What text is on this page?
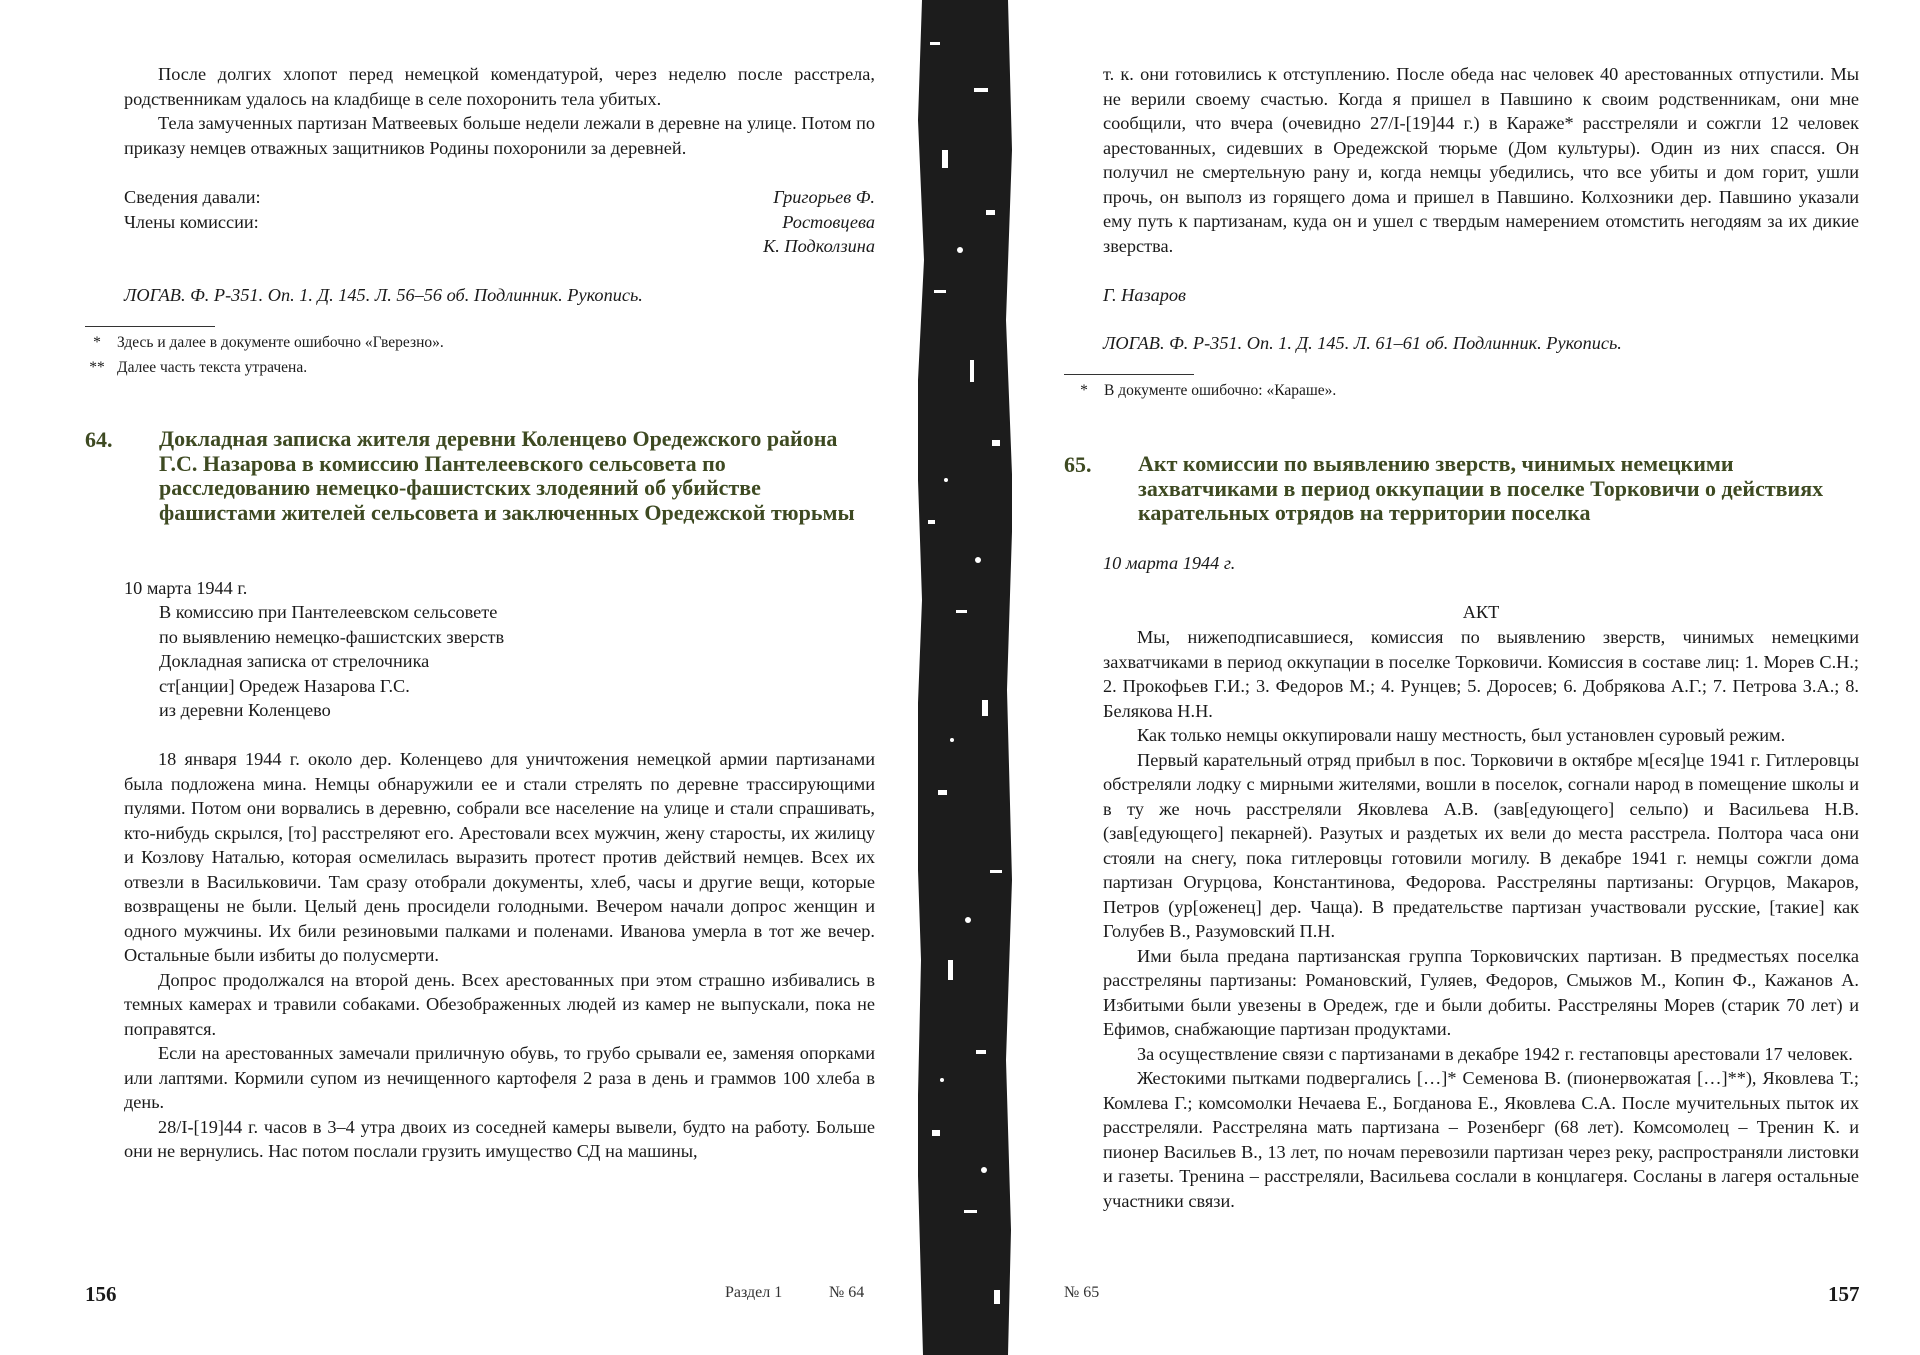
После долгих хлопот перед немецкой комендатурой, через неделю после расстрела, родственникам удалось на кладбище в селе похоронить тела убитых.

Тела замученных партизан Матвеевых больше недели лежали в деревне на улице. Потом по приказу немцев отважных защитников Родины похоронили за деревней.

Сведения давали:	Григорьев Ф.
Члены комиссии:	Ростовцева
К. Подколзина

ЛОГАВ. Ф. Р-351. Оп. 1. Д. 145. Л. 56–56 об. Подлинник. Рукопись.

*	Здесь и далее в документе ошибочно «Гверезно».
** Далее часть текста утрачена.
64. Докладная записка жителя деревни Коленцево Оредежского района Г.С. Назарова в комиссию Пантелеевского сельсовета по расследованию немецко-фашистских злодеяний об убийстве фашистами жителей сельсовета и заключенных Оредежской тюрьмы
10 марта 1944 г.

В комиссию при Пантелеевском сельсовете

по выявлению немецко-фашистских зверств

Докладная записка от стрелочника

ст[анции] Оредеж Назарова Г.С.

из деревни Коленцево

18 января 1944 г. около дер. Коленцево для уничтожения немецкой армии партизанами была подложена мина. Немцы обнаружили ее и стали стрелять по деревне трассирующими пулями. Потом они ворвались в деревню, собрали все население на улице и стали спрашивать, кто-нибудь скрылся, [то] расстреляют его. Арестовали всех мужчин, жену старосты, их жилицу и Козлову Наталью, которая осмелилась выразить протест против действий немцев. Всех их отвезли в Васильковичи. Там сразу отобрали документы, хлеб, часы и другие вещи, которые возвращены не были. Целый день просидели голодными. Вечером начали допрос женщин и одного мужчины. Их били резиновыми палками и поленами. Иванова умерла в тот же вечер. Остальные были избиты до полусмерти.

Допрос продолжался на второй день. Всех арестованных при этом страшно избивались в темных камерах и травили собаками. Обезображенных людей из камер не выпускали, пока не поправятся.

Если на арестованных замечали приличную обувь, то грубо срывали ее, заменяя опорками или лаптями. Кормили супом из нечищенного картофеля 2 раза в день и граммов 100 хлеба в день.

28/I-[19]44 г. часов в 3–4 утра двоих из соседней камеры вывели, будто на работу. Больше они не вернулись. Нас потом послали грузить имущество СД на машины,

156	Раздел 1	№ 64

т. к. они готовились к отступлению. После обеда нас человек 40 арестованных отпустили. Мы не верили своему счастью. Когда я пришел в Павшино к своим родственникам, они мне сообщили, что вчера (очевидно 27/I-[19]44 г.) в Караже* расстреляли и сожгли 12 человек арестованных, сидевших в Оредежской тюрьме (Дом культуры). Один из них спасся. Он получил не смертельную рану и, когда немцы убедились, что все убиты и дом горит, ушли прочь, он выполз из горящего дома и пришел в Павшино. Колхозники дер. Павшино указали ему путь к партизанам, куда он и ушел с твердым намерением отомстить негодяям за их дикие зверства.

Г. Назаров

ЛОГАВ. Ф. Р-351. Оп. 1. Д. 145. Л. 61–61 об. Подлинник. Рукопись.

*	В документе ошибочно: «Караше».
65. Акт комиссии по выявлению зверств, чинимых немецкими захватчиками в период оккупации в поселке Торковичи о действиях карательных отрядов на территории поселка
10 марта 1944 г.
АКТ

Мы, нижеподписавшиеся, комиссия по выявлению зверств, чинимых немецкими захватчиками в период оккупации в поселке Торковичи. Комиссия в составе лиц: 1. Морев С.Н.; 2. Прокофьев Г.И.; 3. Федоров М.; 4. Рунцев; 5. Доросев; 6. Добрякова А.Г.; 7. Петрова З.А.; 8. Белякова Н.Н.

Как только немцы оккупировали нашу местность, был установлен суровый режим.

Первый карательный отряд прибыл в пос. Торковичи в октябре м[еся]це 1941 г. Гитлеровцы обстреляли лодку с мирными жителями, вошли в поселок, согнали народ в помещение школы и в ту же ночь расстреляли Яковлева А.В. (зав[едующего] сельпо) и Васильева Н.В. (зав[едующего] пекарней). Разутых и раздетых их вели до места расстрела. Полтора часа они стояли на снегу, пока гитлеровцы готовили могилу. В декабре 1941 г. немцы сожгли дома партизан Огурцова, Константинова, Федорова. Расстреляны партизаны: Огурцов, Макаров, Петров (ур[оженец] дер. Чаща). В предательстве партизан участвовали русские, [такие] как Голубев В., Разумовский П.Н.

Ими была предана партизанская группа Торковичских партизан. В предместьях поселка расстреляны партизаны: Романовский, Гуляев, Федоров, Смыжов М., Копин Ф., Кажанов А. Избитыми были увезены в Оредеж, где и были добиты. Расстреляны Морев (старик 70 лет) и Ефимов, снабжающие партизан продуктами.

За осуществление связи с партизанами в декабре 1942 г. гестаповцы арестовали 17 человек.

Жестокими пытками подвергались […]* Семенова В. (пионервожатая […]**), Яковлева Т.; Комлева Г.; комсомолки Нечаева Е., Богданова Е., Яковлева С.А. После мучительных пыток их расстреляли. Расстреляна мать партизана – Розенберг (68 лет). Комсомолец – Тренин К. и пионер Васильев В., 13 лет, по ночам перевозили партизан через реку, распространяли листовки и газеты. Тренина – расстреляли, Васильева сослали в концлагеря. Сосланы в лагеря остальные участники связи.

№ 65	157
